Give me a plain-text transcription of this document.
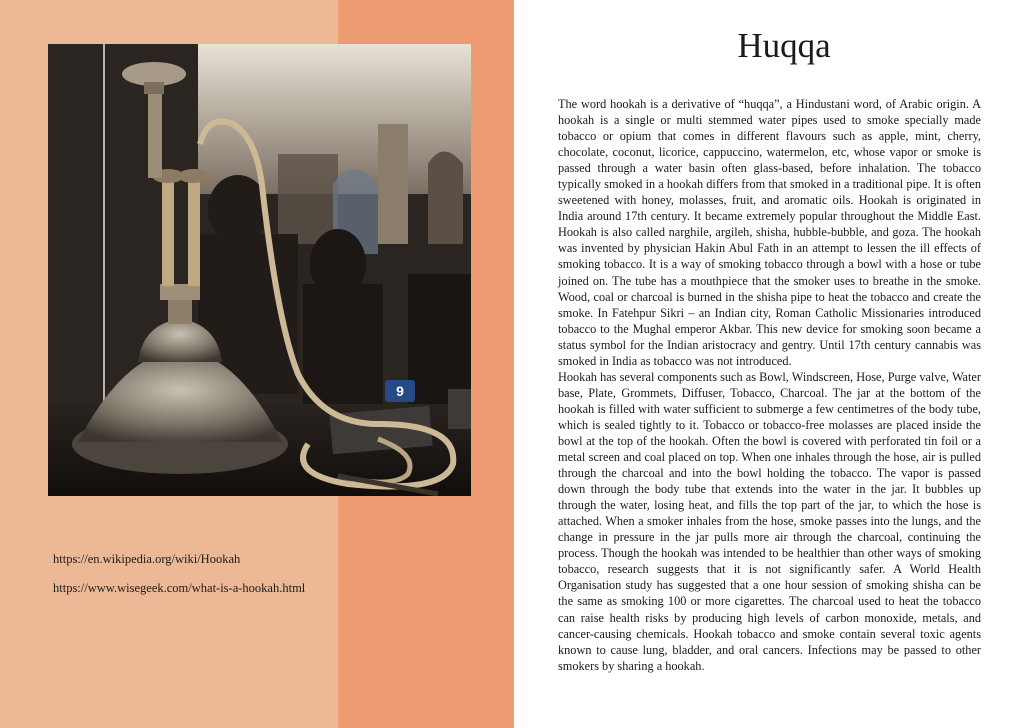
9
https://en.wikipedia.org/wiki/Hookah
https://www.wisegeek.com/what-is-a-hookah.html
Huqqa

The word hookah is a derivative of “huqqa”, a Hindustani word, of Arabic origin. A hookah is a single or multi stemmed water pipes used to smoke specially made tobacco or opium that comes in different flavours such as apple, mint, cherry, chocolate, coconut, licorice, cappuccino, watermelon, etc, whose vapor or smoke is passed through a water basin often glass-based, before inhalation. The tobacco typically smoked in a hookah differs from that smoked in a traditional pipe. It is often sweetened with honey, molasses, fruit, and aromatic oils. Hookah is originated in India around 17th century. It became extremely popular throughout the Middle East. Hookah is also called narghile, argileh, shisha, hubble-bubble, and goza. The hookah was invented by physician Hakin Abul Fath in an attempt to lessen the ill effects of smoking tobacco. It is a way of smoking tobacco through a bowl with a hose or tube joined on. The tube has a mouthpiece that the smoker uses to breathe in the smoke. Wood, coal or charcoal is burned in the shisha pipe to heat the tobacco and create the smoke. In Fatehpur Sikri – an Indian city, Roman Catholic Missionaries introduced tobacco to the Mughal emperor Akbar. This new device for smoking soon became a status symbol for the Indian aristocracy and gentry. Until 17th century cannabis was smoked in India as tobacco was not introduced.

Hookah has several components such as Bowl, Windscreen, Hose, Purge valve, Water base, Plate, Grommets, Diffuser, Tobacco, Charcoal. The jar at the bottom of the hookah is filled with water sufficient to submerge a few centimetres of the body tube, which is sealed tightly to it. Tobacco or tobacco-free molasses are placed inside the bowl at the top of the hookah. Often the bowl is covered with perforated tin foil or a metal screen and coal placed on top. When one inhales through the hose, air is pulled through the charcoal and into the bowl holding the tobacco. The vapor is passed down through the body tube that extends into the water in the jar. It bubbles up through the water, losing heat, and fills the top part of the jar, to which the hose is attached. When a smoker inhales from the hose, smoke passes into the lungs, and the change in pressure in the jar pulls more air through the charcoal, continuing the process. Though the hookah was intended to be healthier than other ways of smoking tobacco, research suggests that it is not significantly safer. A World Health Organisation study has suggested that a one hour session of smoking shisha can be the same as smoking 100 or more cigarettes. The charcoal used to heat the tobacco can raise health risks by producing high levels of carbon monoxide, metals, and cancer-causing chemicals. Hookah tobacco and smoke contain several toxic agents known to cause lung, bladder, and oral cancers. Infections may be passed to other smokers by sharing a hookah.
